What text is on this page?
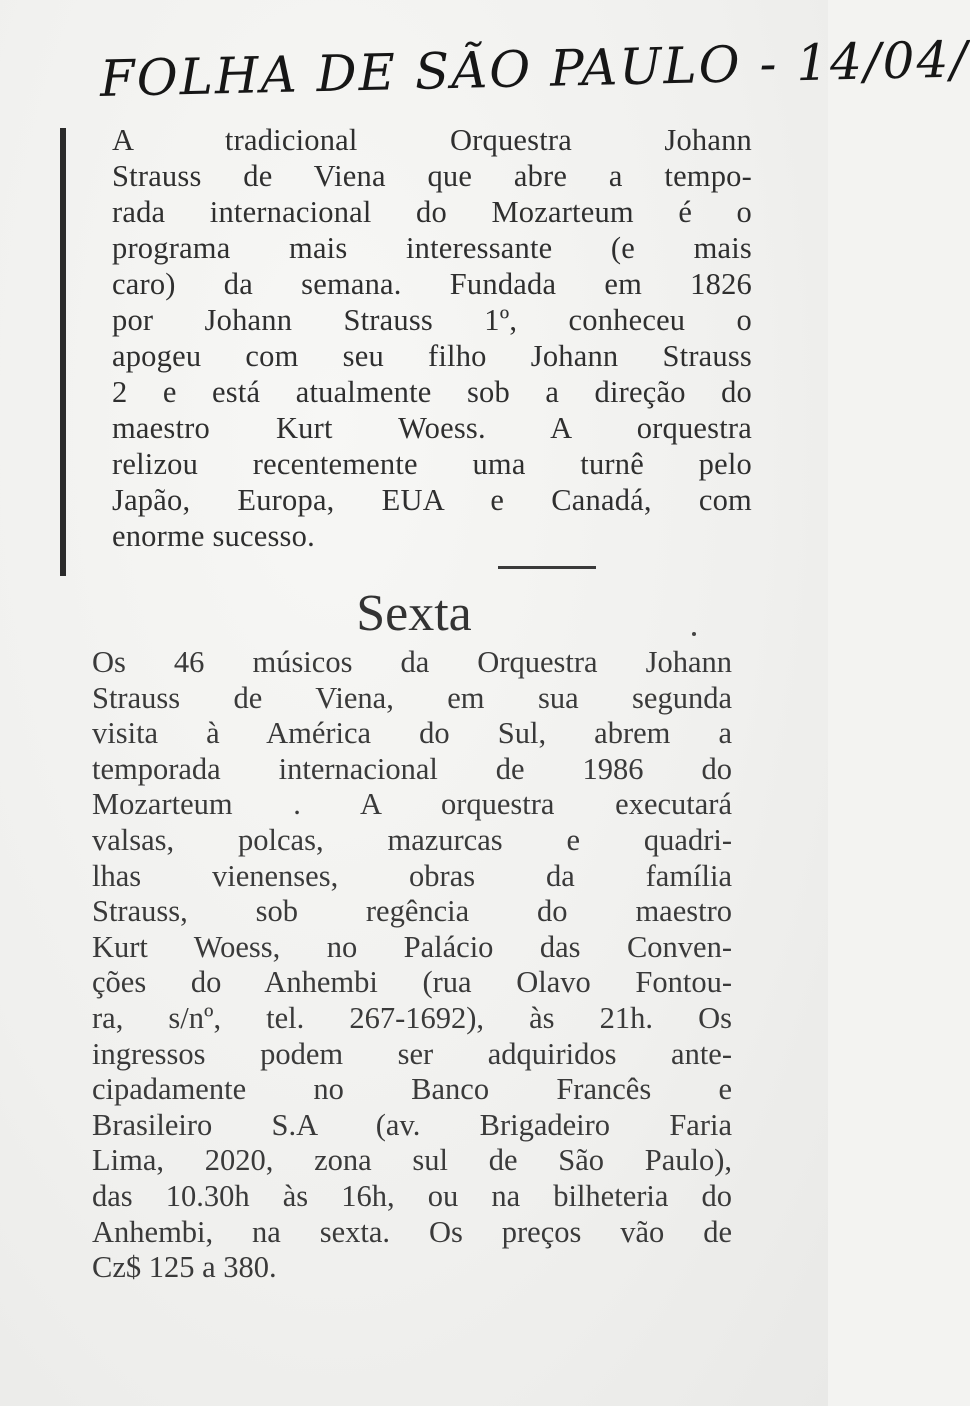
FOLHA DE SÃO PAULO - 14/04/
A tradicional Orquestra Johann
Strauss de Viena que abre a tempo-
rada internacional do Mozarteum é o
programa mais interessante (e mais
caro) da semana. Fundada em 1826
por Johann Strauss 1º, conheceu o
apogeu com seu filho Johann Strauss
2 e está atualmente sob a direção do
maestro Kurt Woess. A orquestra
relizou recentemente uma turnê pelo
Japão, Europa, EUA e Canadá, com
enorme sucesso.
Sexta
Os 46 músicos da Orquestra Johann
Strauss de Viena, em sua segunda
visita à América do Sul, abrem a
temporada internacional de 1986 do
Mozarteum . A orquestra executará
valsas, polcas, mazurcas e quadri-
lhas vienenses, obras da família
Strauss, sob regência do maestro
Kurt Woess, no Palácio das Conven-
ções do Anhembi (rua Olavo Fontou-
ra, s/nº, tel. 267-1692), às 21h. Os
ingressos podem ser adquiridos ante-
cipadamente no Banco Francês e
Brasileiro S.A (av. Brigadeiro Faria
Lima, 2020, zona sul de São Paulo),
das 10.30h às 16h, ou na bilheteria do
Anhembi, na sexta. Os preços vão de
Cz$ 125 a 380.
